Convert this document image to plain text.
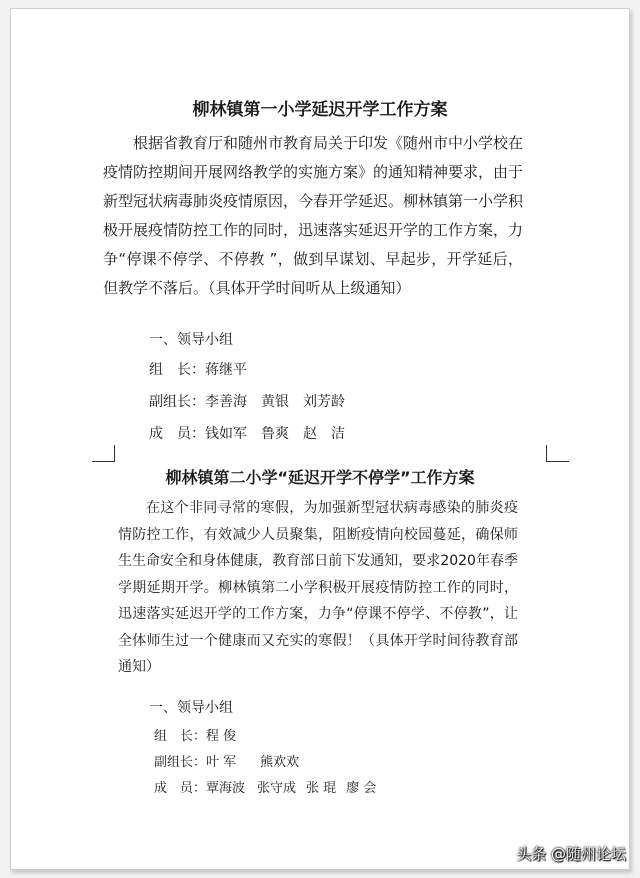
柳林镇第一小学延迟开学工作方案

根据省教育厅和随州市教育局关于印发《随州市中小学校在疫情防控期间开展网络教学的实施方案》的通知精神要求，由于新型冠状病毒肺炎疫情原因，今春开学延迟。柳林镇第一小学积极开展疫情防控工作的同时，迅速落实延迟开学的工作方案，力争“停课不停学、不停教 ”，做到早谋划、早起步，开学延后，但教学不落后。（具体开学时间听从上级通知）

一、领导小组

组　长：蒋继平

副组长：李善海 黄银 刘芳龄

成　员：钱如军 鲁爽 赵　洁

柳林镇第二小学“延迟开学不停学”工作方案

在这个非同寻常的寒假，为加强新型冠状病毒感染的肺炎疫情防控工作，有效减少人员聚集，阻断疫情向校园蔓延，确保师生生命安全和身体健康，教育部日前下发通知，要求2020年春季学期延期开学。柳林镇第二小学积极开展疫情防控工作的同时，迅速落实延迟开学的工作方案，力争“停课不停学、不停教”，让全体师生过一个健康而又充实的寒假！（具体开学时间待教育部通知）

一、领导小组

组　长：程 俊

副组长：叶 军 熊欢欢

成　员：覃海波 张守成 张 琨 廖 会

头条 @随州论坛
